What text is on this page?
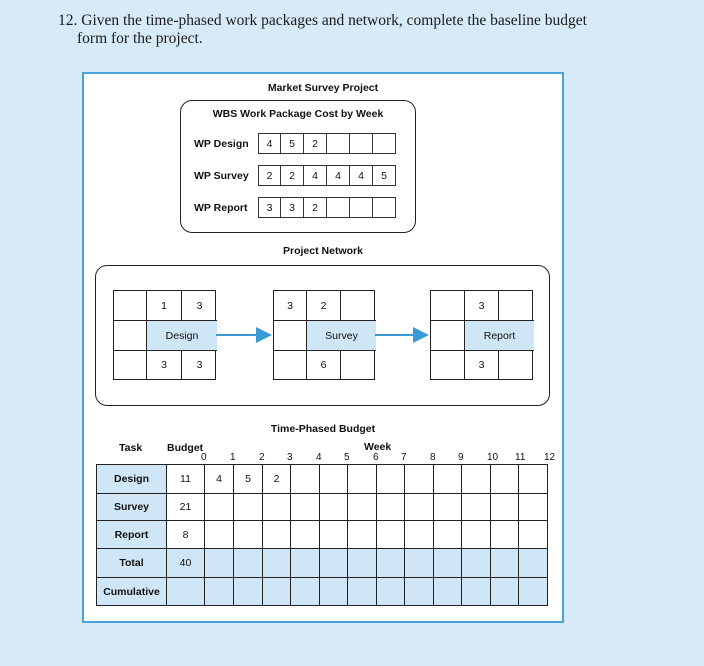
12. Given the time-phased work packages and network, complete the baseline budget
form for the project.
Market Survey Project
WBS Work Package Cost by Week
WP Design	4	5	2
WP Survey	2	2	4	4	4	5
WP Report	3	3	2
Project Network
1	3
Design
3	3
3	2
Survey
6
3
Report
3
Time-Phased Budget
Task Budget	Week
0 1 2 3 4 5 6 7 8 9 10 11 12
Design	11	4	5	2									
Survey	21												
Report	8												
Total	40												
Cumulative													
